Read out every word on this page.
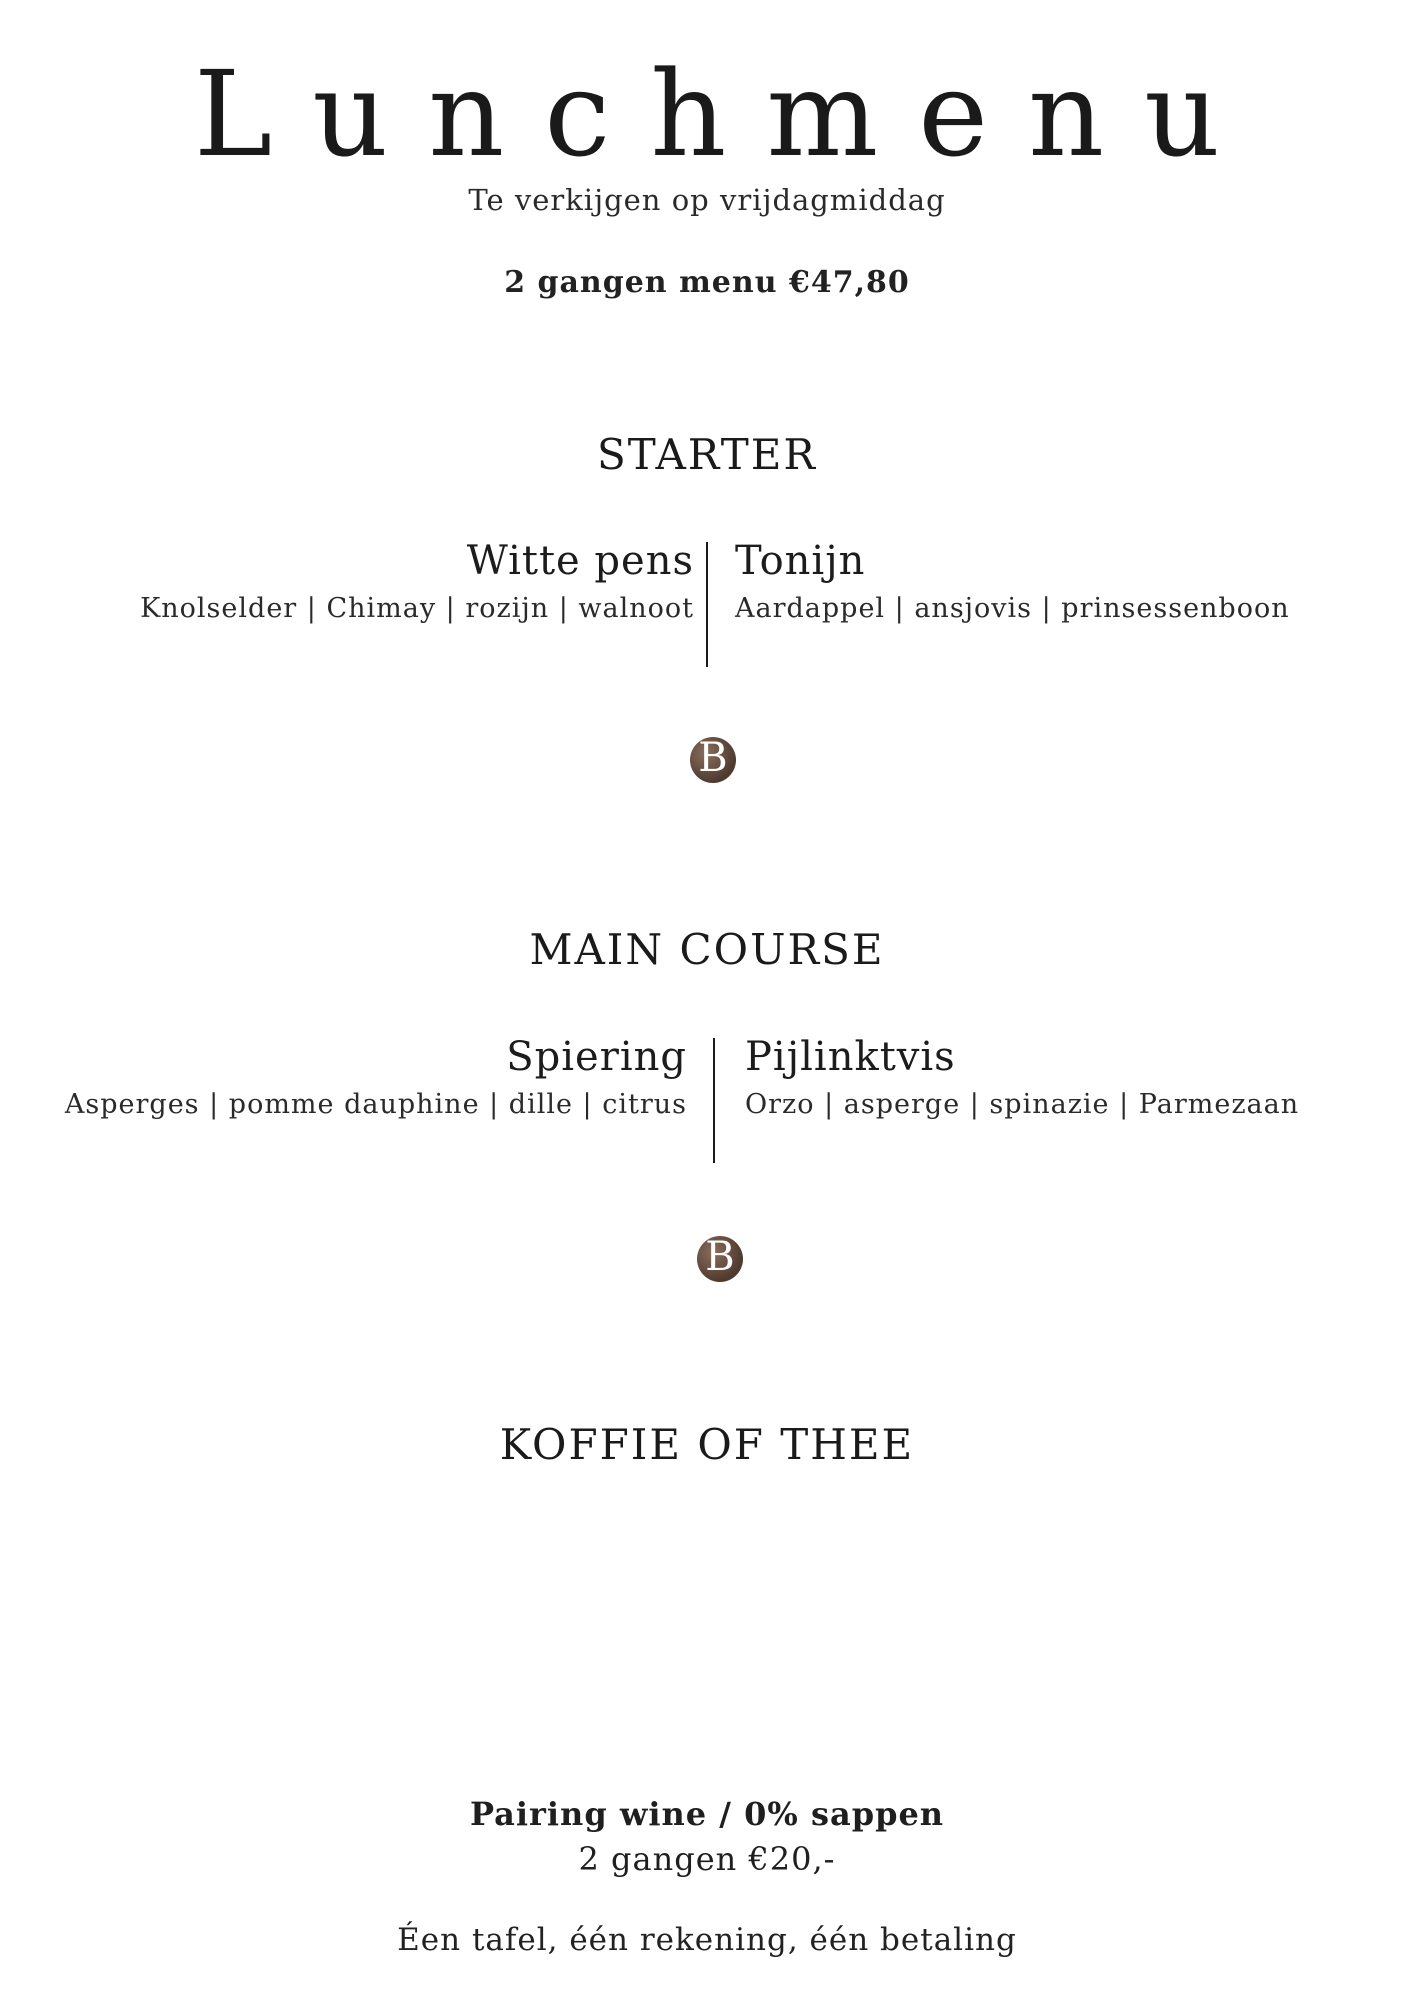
Lunchmenu
Te verkijgen op vrijdagmiddag
2 gangen menu €47,80
STARTER
Witte pens
Knolselder | Chimay | rozijn | walnoot
Tonijn
Aardappel | ansjovis | prinsessenboon
B
MAIN COURSE
Spiering
Asperges | pomme dauphine | dille | citrus
Pijlinktvis
Orzo | asperge | spinazie | Parmezaan
B
KOFFIE OF THEE
Pairing wine / 0% sappen
2 gangen €20,-
Éen tafel, één rekening, één betaling
